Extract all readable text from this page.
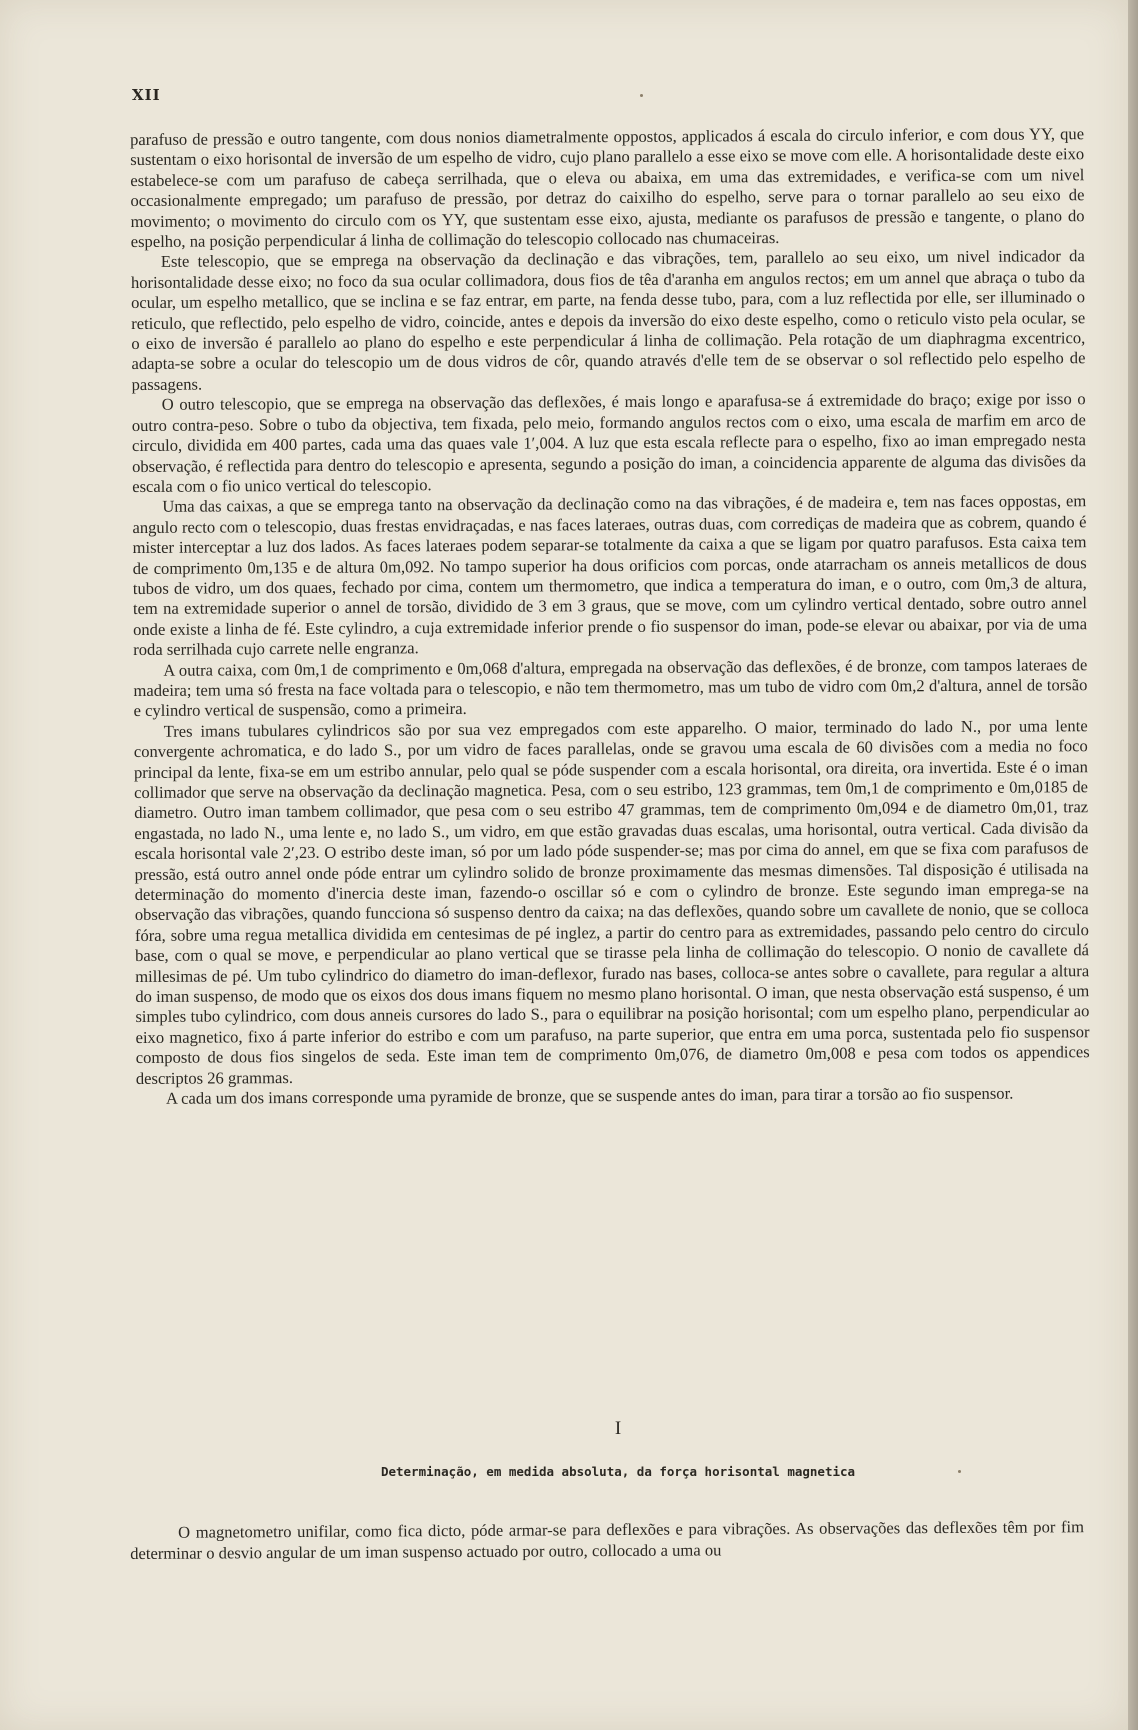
XII

parafuso de pressão e outro tangente, com dous nonios diametralmente oppostos, applicados á escala do circulo inferior, e com dous YY, que sustentam o eixo horisontal de inversão de um espelho de vidro, cujo plano parallelo a esse eixo se move com elle. A horisontalidade deste eixo estabelece-se com um parafuso de cabeça serrilhada, que o eleva ou abaixa, em uma das extremidades, e verifica-se com um nivel occasionalmente empregado; um parafuso de pressão, por detraz do caixilho do espelho, serve para o tornar parallelo ao seu eixo de movimento; o movimento do circulo com os YY, que sustentam esse eixo, ajusta, mediante os parafusos de pressão e tangente, o plano do espelho, na posição perpendicular á linha de collimação do telescopio collocado nas chumaceiras.

Este telescopio, que se emprega na observação da declinação e das vibrações, tem, parallelo ao seu eixo, um nivel indicador da horisontalidade desse eixo; no foco da sua ocular collimadora, dous fios de têa d'aranha em angulos rectos; em um annel que abraça o tubo da ocular, um espelho metallico, que se inclina e se faz entrar, em parte, na fenda desse tubo, para, com a luz reflectida por elle, ser illuminado o reticulo, que reflectido, pelo espelho de vidro, coincide, antes e depois da inversão do eixo deste espelho, como o reticulo visto pela ocular, se o eixo de inversão é parallelo ao plano do espelho e este perpendicular á linha de collimação. Pela rotação de um diaphragma excentrico, adapta-se sobre a ocular do telescopio um de dous vidros de côr, quando através d'elle tem de se observar o sol reflectido pelo espelho de passagens.

O outro telescopio, que se emprega na observação das deflexões, é mais longo e aparafusa-se á extremidade do braço; exige por isso o outro contra-peso. Sobre o tubo da objectiva, tem fixada, pelo meio, formando angulos rectos com o eixo, uma escala de marfim em arco de circulo, dividida em 400 partes, cada uma das quaes vale 1′,004. A luz que esta escala reflecte para o espelho, fixo ao iman empregado nesta observação, é reflectida para dentro do telescopio e apresenta, segundo a posição do iman, a coincidencia apparente de alguma das divisões da escala com o fio unico vertical do telescopio.

Uma das caixas, a que se emprega tanto na observação da declinação como na das vibrações, é de madeira e, tem nas faces oppostas, em angulo recto com o telescopio, duas frestas envidraçadas, e nas faces lateraes, outras duas, com corrediças de madeira que as cobrem, quando é mister interceptar a luz dos lados. As faces lateraes podem separar-se totalmente da caixa a que se ligam por quatro parafusos. Esta caixa tem de comprimento 0m,135 e de altura 0m,092. No tampo superior ha dous orificios com porcas, onde atarracham os anneis metallicos de dous tubos de vidro, um dos quaes, fechado por cima, contem um thermometro, que indica a temperatura do iman, e o outro, com 0m,3 de altura, tem na extremidade superior o annel de torsão, dividido de 3 em 3 graus, que se move, com um cylindro vertical dentado, sobre outro annel onde existe a linha de fé. Este cylindro, a cuja extremidade inferior prende o fio suspensor do iman, pode-se elevar ou abaixar, por via de uma roda serrilhada cujo carrete nelle engranza.

A outra caixa, com 0m,1 de comprimento e 0m,068 d'altura, empregada na observação das deflexões, é de bronze, com tampos lateraes de madeira; tem uma só fresta na face voltada para o telescopio, e não tem thermometro, mas um tubo de vidro com 0m,2 d'altura, annel de torsão e cylindro vertical de suspensão, como a primeira.

Tres imans tubulares cylindricos são por sua vez empregados com este apparelho. O maior, terminado do lado N., por uma lente convergente achromatica, e do lado S., por um vidro de faces parallelas, onde se gravou uma escala de 60 divisões com a media no foco principal da lente, fixa-se em um estribo annular, pelo qual se póde suspender com a escala horisontal, ora direita, ora invertida. Este é o iman collimador que serve na observação da declinação magnetica. Pesa, com o seu estribo, 123 grammas, tem 0m,1 de comprimento e 0m,0185 de diametro. Outro iman tambem collimador, que pesa com o seu estribo 47 grammas, tem de comprimento 0m,094 e de diametro 0m,01, traz engastada, no lado N., uma lente e, no lado S., um vidro, em que estão gravadas duas escalas, uma horisontal, outra vertical. Cada divisão da escala horisontal vale 2′,23. O estribo deste iman, só por um lado póde suspender-se; mas por cima do annel, em que se fixa com parafusos de pressão, está outro annel onde póde entrar um cylindro solido de bronze proximamente das mesmas dimensões. Tal disposição é utilisada na determinação do momento d'inercia deste iman, fazendo-o oscillar só e com o cylindro de bronze. Este segundo iman emprega-se na observação das vibrações, quando funcciona só suspenso dentro da caixa; na das deflexões, quando sobre um cavallete de nonio, que se colloca fóra, sobre uma regua metallica dividida em centesimas de pé inglez, a partir do centro para as extremidades, passando pelo centro do circulo base, com o qual se move, e perpendicular ao plano vertical que se tirasse pela linha de collimação do telescopio. O nonio de cavallete dá millesimas de pé. Um tubo cylindrico do diametro do iman-deflexor, furado nas bases, colloca-se antes sobre o cavallete, para regular a altura do iman suspenso, de modo que os eixos dos dous imans fiquem no mesmo plano horisontal. O iman, que nesta observação está suspenso, é um simples tubo cylindrico, com dous anneis cursores do lado S., para o equilibrar na posição horisontal; com um espelho plano, perpendicular ao eixo magnetico, fixo á parte inferior do estribo e com um parafuso, na parte superior, que entra em uma porca, sustentada pelo fio suspensor composto de dous fios singelos de seda. Este iman tem de comprimento 0m,076, de diametro 0m,008 e pesa com todos os appendices descriptos 26 grammas.

A cada um dos imans corresponde uma pyramide de bronze, que se suspende antes do iman, para tirar a torsão ao fio suspensor.

I
Determinação, em medida absoluta, da força horisontal magnetica

O magnetometro unifilar, como fica dicto, póde armar-se para deflexões e para vibrações. As observações das deflexões têm por fim determinar o desvio angular de um iman suspenso actuado por outro, collocado a uma ou
